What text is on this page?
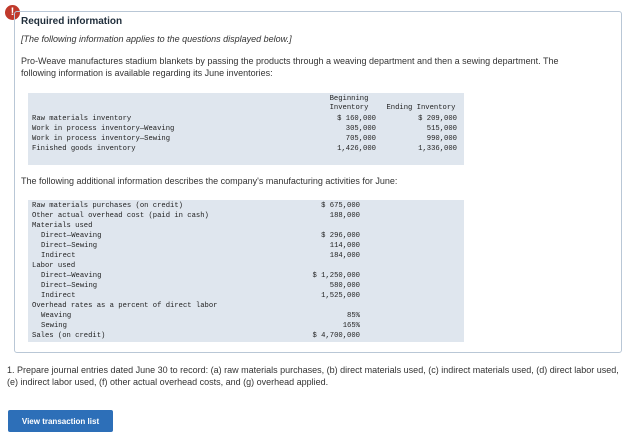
!
Required information
[The following information applies to the questions displayed below.]
Pro-Weave manufactures stadium blankets by passing the products through a weaving department and then a sewing department. The following information is available regarding its June inventories:
Beginning
Inventory	Ending Inventory
Raw materials inventory	$ 160,000	$ 209,000
Work in process inventory—Weaving	305,000	515,000
Work in process inventory—Sewing	705,000	990,000
Finished goods inventory	1,426,000	1,336,000
The following additional information describes the company's manufacturing activities for June:
Raw materials purchases (on credit)	$ 675,000
Other actual overhead cost (paid in cash)	188,000
Materials used
Direct—Weaving	$ 296,000
Direct—Sewing	114,000
Indirect	184,000
Labor used
Direct—Weaving	$ 1,250,000
Direct—Sewing	580,000
Indirect	1,525,000
Overhead rates as a percent of direct labor
Weaving	85%
Sewing	165%
Sales (on credit)	$ 4,700,000
1. Prepare journal entries dated June 30 to record: (a) raw materials purchases, (b) direct materials used, (c) indirect materials used, (d) direct labor used, (e) indirect labor used, (f) other actual overhead costs, and (g) overhead applied.
View transaction list
